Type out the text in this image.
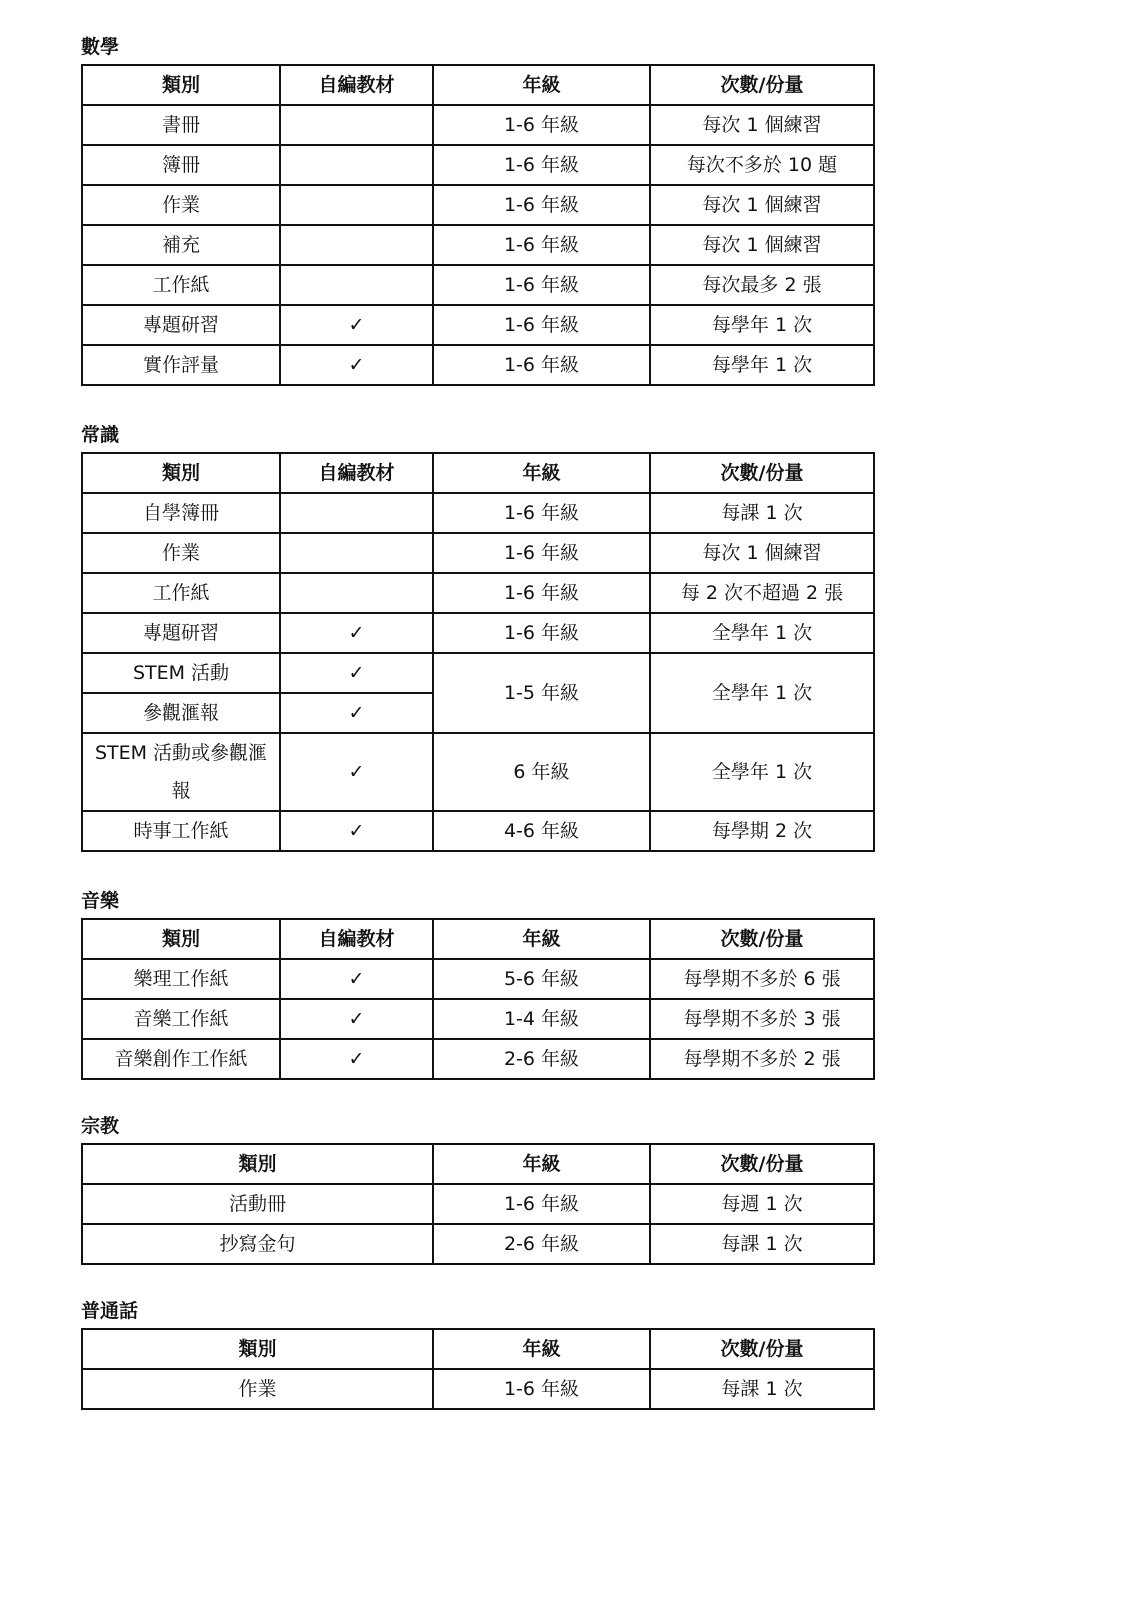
數學
類別	自編教材	年級	次數/份量
書冊		1-6 年級	每次 1 個練習
簿冊		1-6 年級	每次不多於 10 題
作業		1-6 年級	每次 1 個練習
補充		1-6 年級	每次 1 個練習
工作紙		1-6 年級	每次最多 2 張
專題研習	✓	1-6 年級	每學年 1 次
實作評量	✓	1-6 年級	每學年 1 次
常識
類別	自編教材	年級	次數/份量
自學簿冊		1-6 年級	每課 1 次
作業		1-6 年級	每次 1 個練習
工作紙		1-6 年級	每 2 次不超過 2 張
專題研習	✓	1-6 年級	全學年 1 次
STEM 活動	✓	1-5 年級	全學年 1 次
參觀滙報	✓		
STEM 活動或參觀滙報	✓	6 年級	全學年 1 次
時事工作紙	✓	4-6 年級	每學期 2 次
音樂
類別	自編教材	年級	次數/份量
樂理工作紙	✓	5-6 年級	每學期不多於 6 張
音樂工作紙	✓	1-4 年級	每學期不多於 3 張
音樂創作工作紙	✓	2-6 年級	每學期不多於 2 張
宗教
類別	年級	次數/份量
活動冊	1-6 年級	每週 1 次
抄寫金句	2-6 年級	每課 1 次
普通話
類別	年級	次數/份量
作業	1-6 年級	每課 1 次
